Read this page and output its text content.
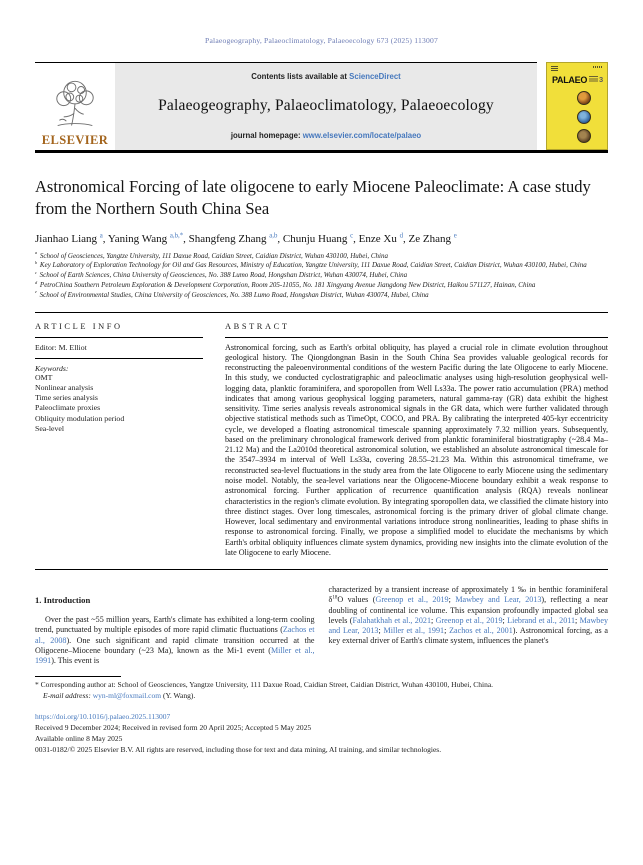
Palaeogeography, Palaeoclimatology, Palaeoecology 673 (2025) 113007
ELSEVIER
Contents lists available at ScienceDirect
Palaeogeography, Palaeoclimatology, Palaeoecology
journal homepage: www.elsevier.com/locate/palaeo
PALAEO 3
Astronomical Forcing of late oligocene to early Miocene Paleoclimate: A case study from the Northern South China Sea
Jianhao Liang $^a$, Yaning Wang $^{a,b,*}$, Shangfeng Zhang $^{a,b}$, Chunju Huang $^c$, Enze Xu $^d$, Ze Zhang $^e$
$^a$ School of Geosciences, Yangtze University, 111 Daxue Road, Caidian Street, Caidian District, Wuhan 430100, Hubei, China
$^b$ Key Laboratory of Exploration Technology for Oil and Gas Resources, Ministry of Education, Yangtze University, 111 Daxue Road, Caidian Street, Caidian District, Wuhan 430100, Hubei, China
$^c$ School of Earth Sciences, China University of Geosciences, No. 388 Lumo Road, Hongshan District, Wuhan 430074, Hubei, China
$^d$ PetroChina Southern Petroleum Exploration & Development Corporation, Room 205-11055, No. 181 Xingyang Avenue Jiangdong New District, Haikou 571127, Hainan, China
$^e$ School of Environmental Studies, China University of Geosciences, No. 388 Lumo Road, Hongshan District, Wuhan 430074, Hubei, China
ARTICLE INFO
Editor: M. Elliot
Keywords:
OMT
Nonlinear analysis
Time series analysis
Paleoclimate proxies
Obliquity modulation period
Sea-level
ABSTRACT
Astronomical forcing, such as Earth's orbital obliquity, has played a crucial role in climate evolution throughout geological history. The Qiongdongnan Basin in the South China Sea provides valuable geological records for reconstructing the paleoenvironmental conditions of the western Pacific during the late Oligocene to early Miocene. In this study, we conducted cyclostratigraphic and paleoclimatic analyses using high-resolution geophysical well-logging data, planktic foraminifera, and sporopollen from Well Ls33a. The power ratio accumulation (PRA) method indicates that among various geophysical logging parameters, natural gamma-ray (GR) data exhibit the highest sensitivity. Time series analysis reveals astronomical signals in the GR data, which were further validated through objective statistical methods such as TimeOpt, COCO, and PRA. By calibrating the interpreted 405-kyr eccentricity cycle, we developed a floating astronomical timescale spanning approximately 7.32 million years. Subsequently, based on the preliminary chronological framework derived from planktic foraminiferal biostratigraphy (~28.4 Ma–21.12 Ma) and the La2010d theoretical astronomical solution, we established an absolute astronomical timescale for the 3547–3934 m interval of Well Ls33a, covering 28.55–21.23 Ma. Within this astronomical timeframe, we reconstructed sea-level fluctuations in the study area from the late Oligocene to early Miocene using the sedimentary noise model. Notably, the sea-level variations near the Oligocene-Miocene boundary exhibit a weak response to astronomical forcing. Further application of recurrence quantification analysis (RQA) reveals nonlinear characteristics in the region's climate evolution. By integrating sporopollen data, we classified the climate history into three distinct stages. Over long timescales, astronomical forcing is the primary driver of global climate change. However, local sedimentary and environmental variations introduce strong nonlinearities, leading to phase shifts in response to astronomical forcing. Finally, we propose a simplified model to elucidate the mechanisms by which Earth's orbital obliquity influences climate system dynamics, providing new insights into the climate evolution of the late Oligocene to early Miocene.
1. Introduction
Over the past ~55 million years, Earth's climate has exhibited a long-term cooling trend, punctuated by multiple episodes of more rapid climatic fluctuations (Zachos et al., 2008). One such significant and rapid climate transition occurred at the Oligocene–Miocene boundary (~23 Ma), known as the Mi-1 event (Miller et al., 1991). This event is
characterized by a transient increase of approximately 1 ‰ in benthic foraminiferal $\delta^{18}O$ values (Greenop et al., 2019; Mawbey and Lear, 2013), reflecting a near doubling of continental ice volume. This expansion profoundly impacted global sea levels (Falahatkhah et al., 2021; Greenop et al., 2019; Liebrand et al., 2011; Mawbey and Lear, 2013; Miller et al., 1991; Zachos et al., 2001). Astronomical forcing, as a key external driver of Earth's climate system, influences the planet's
* Corresponding author at: School of Geosciences, Yangtze University, 111 Daxue Road, Caidian Street, Caidian District, Wuhan 430100, Hubei, China.
E-mail address: wyn-ml@foxmail.com (Y. Wang).
https://doi.org/10.1016/j.palaeo.2025.113007
Received 9 December 2024; Received in revised form 20 April 2025; Accepted 5 May 2025
Available online 8 May 2025
0031-0182/© 2025 Elsevier B.V. All rights are reserved, including those for text and data mining, AI training, and similar technologies.
